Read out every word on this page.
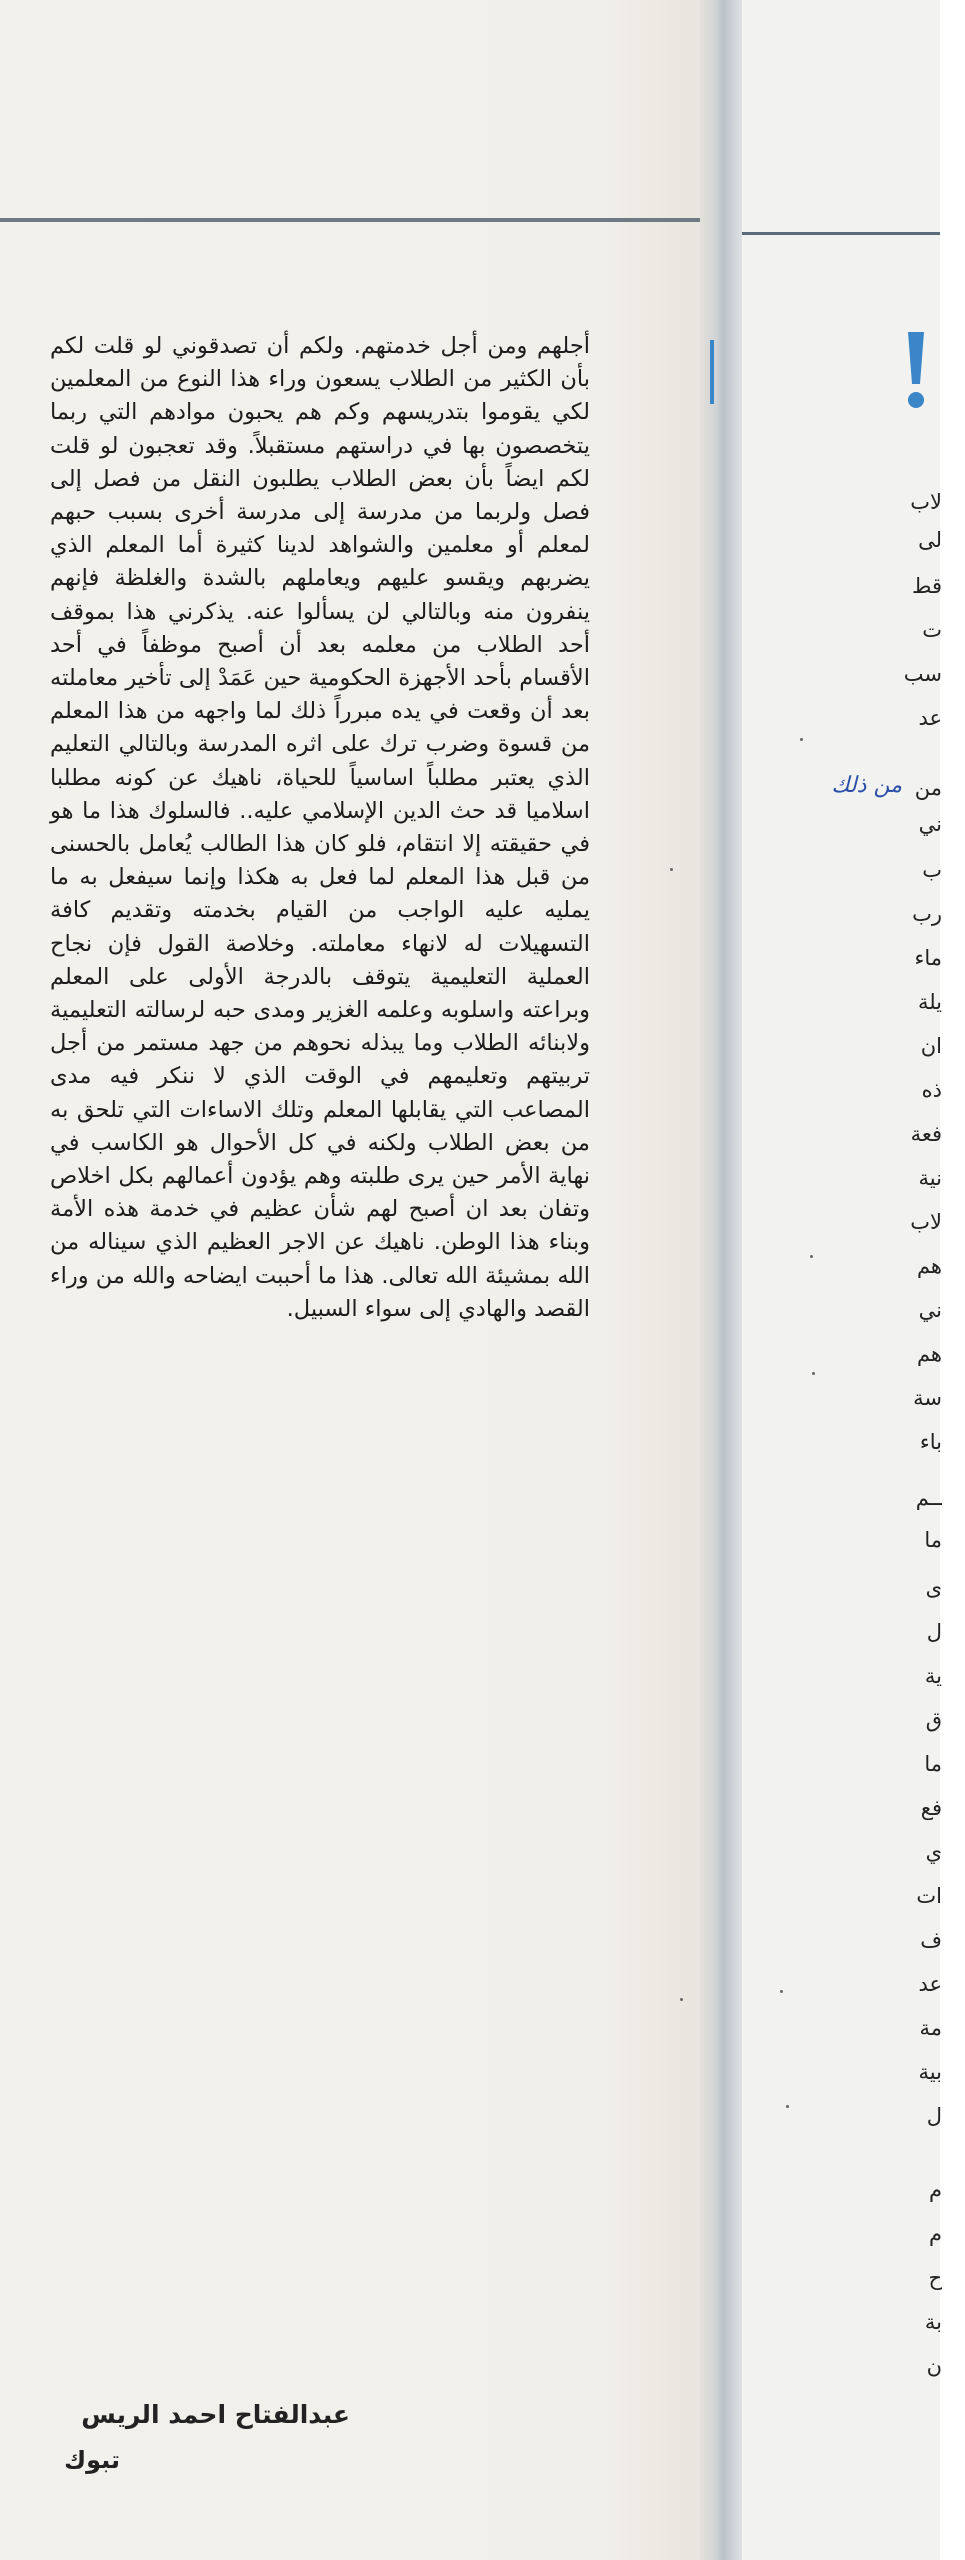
أجلهم ومن أجل خدمتهم. ولكم أن تصدقوني لو قلت لكم بأن الكثير من الطلاب يسعون وراء هذا النوع من المعلمين لكي يقوموا بتدريسهم وكم هم يحبون موادهم التي ربما يتخصصون بها في دراستهم مستقبلاً. وقد تعجبون لو قلت لكم ايضاً بأن بعض الطلاب يطلبون النقل من فصل إلى فصل ولربما من مدرسة إلى مدرسة أخرى بسبب حبهم لمعلم أو معلمين والشواهد لدينا كثيرة أما المعلم الذي يضربهم ويقسو عليهم ويعاملهم بالشدة والغلظة فإنهم ينفرون منه وبالتالي لن يسألوا عنه. يذكرني هذا بموقف أحد الطلاب من معلمه بعد أن أصبح موظفاً في أحد الأقسام بأحد الأجهزة الحكومية حين عَمَدْ إلى تأخير معاملته بعد أن وقعت في يده مبرراً ذلك لما واجهه من هذا المعلم من قسوة وضرب ترك على اثره المدرسة وبالتالي التعليم الذي يعتبر مطلباً اساسياً للحياة، ناهيك عن كونه مطلبا اسلاميا قد حث الدين الإسلامي عليه.. فالسلوك هذا ما هو في حقيقته إلا انتقام، فلو كان هذا الطالب يُعامل بالحسنى من قبل هذا المعلم لما فعل به هكذا وإنما سيفعل به ما يمليه عليه الواجب من القيام بخدمته وتقديم كافة التسهيلات له لانهاء معاملته. وخلاصة القول فإن نجاح العملية التعليمية يتوقف بالدرجة الأولى على المعلم وبراعته واسلوبه وعلمه الغزير ومدى حبه لرسالته التعليمية ولابنائه الطلاب وما يبذله نحوهم من جهد مستمر من أجل تربيتهم وتعليمهم في الوقت الذي لا ننكر فيه مدى المصاعب التي يقابلها المعلم وتلك الاساءات التي تلحق به من بعض الطلاب ولكنه في كل الأحوال هو الكاسب في نهاية الأمر حين يرى طلبته وهم يؤدون أعمالهم بكل اخلاص وتفان بعد ان أصبح لهم شأن عظيم في خدمة هذه الأمة وبناء هذا الوطن. ناهيك عن الاجر العظيم الذي سيناله من الله بمشيئة الله تعالى. هذا ما أحببت ايضاحه والله من وراء القصد والهادي إلى سواء السبيل.

عبدالفتاح احمد الريس
تبوك
لاب
لى
قط
ت
سب
عد
ني
ب
رب
ماء
يلة
ان
ذه
فعة
نية
لاب
هم
ني
هم
سة
باء
ــم
ما
ى
ل
ية
ق
ما
فع
ي
ات
ف
عد
مة
بية
ل
م
م
ح
بة
ن
من
من ذلك
